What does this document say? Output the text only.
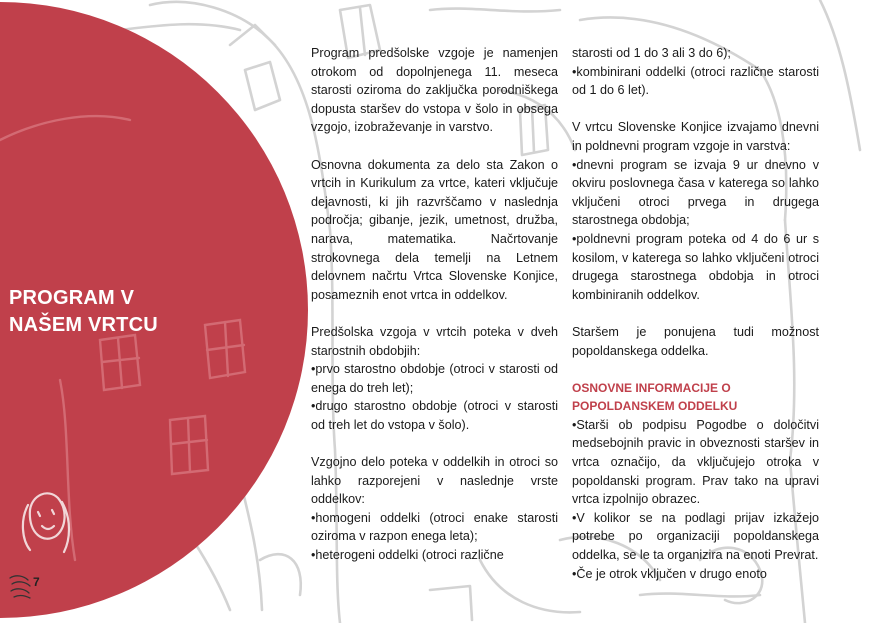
PROGRAM V
NAŠEM VRTCU
7

Program predšolske vzgoje je namenjen otrokom od dopolnjenega 11. meseca starosti oziroma do zaključka porodniškega dopusta staršev do vstopa v šolo in obsega vzgojo, izobraževanje in varstvo.

Osnovna dokumenta za delo sta Zakon o vrtcih in Kurikulum za vrtce, kateri vključuje dejavnosti, ki jih razvrščamo v naslednja področja; gibanje, jezik, umetnost, družba, narava, matematika. Načrtovanje strokovnega dela temelji na Letnem delovnem načrtu Vrtca Slovenske Konjice, posameznih enot vrtca in oddelkov.

Predšolska vzgoja v vrtcih poteka v dveh starostnih obdobjih:
•prvo starostno obdobje (otroci v starosti od enega do treh let);
•drugo starostno obdobje (otroci v starosti od treh let do vstopa v šolo).

Vzgojno delo poteka v oddelkih in otroci so lahko razporejeni v naslednje vrste oddelkov:
•homogeni oddelki (otroci enake starosti oziroma v razpon enega leta);
•heterogeni oddelki (otroci različne

starosti od 1 do 3 ali 3 do 6);
•kombinirani oddelki (otroci različne starosti od 1 do 6 let).

V vrtcu Slovenske Konjice izvajamo dnevni in poldnevni program vzgoje in varstva:
•dnevni program se izvaja 9 ur dnevno v okviru poslovnega časa v katerega so lahko vključeni otroci prvega in drugega starostnega obdobja;
•poldnevni program poteka od 4 do 6 ur s kosilom, v katerega so lahko vključeni otroci drugega starostnega obdobja in otroci kombiniranih oddelkov.

Staršem je ponujena tudi možnost popoldanskega oddelka.

OSNOVNE INFORMACIJE O
POPOLDANSKEM ODDELKU
•Starši ob podpisu Pogodbe o določitvi medsebojnih pravic in obveznosti staršev in vrtca označijo, da vključujejo otroka v popoldanski program. Prav tako na upravi vrtca izpolnijo obrazec.
•V kolikor se na podlagi prijav izkažejo potrebe po organizaciji popoldanskega oddelka, se le ta organizira na enoti Prevrat.
•Če je otrok vključen v drugo enoto
